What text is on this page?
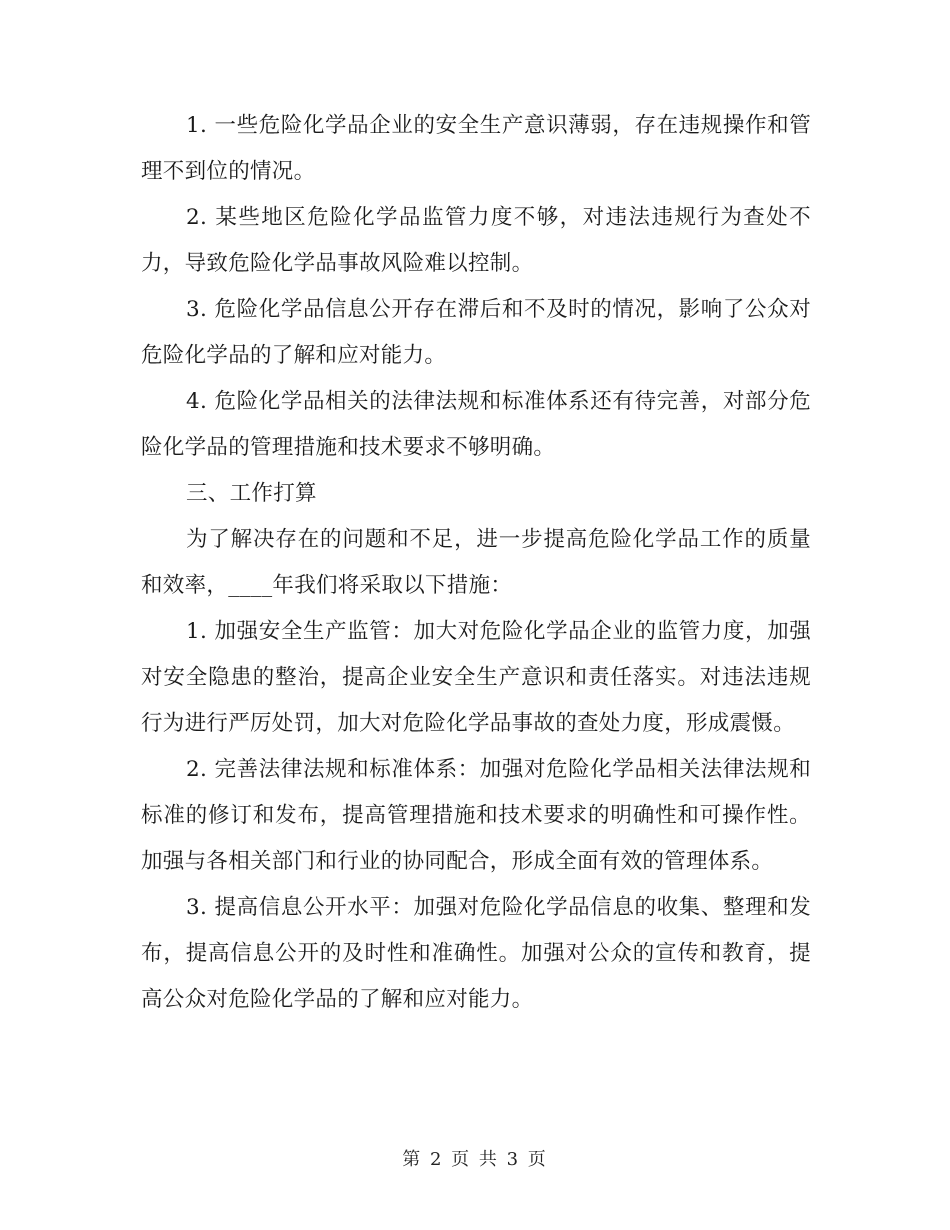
1. 一些危险化学品企业的安全生产意识薄弱，存在违规操作和管理不到位的情况。

2. 某些地区危险化学品监管力度不够，对违法违规行为查处不力，导致危险化学品事故风险难以控制。

3. 危险化学品信息公开存在滞后和不及时的情况，影响了公众对危险化学品的了解和应对能力。

4. 危险化学品相关的法律法规和标准体系还有待完善，对部分危险化学品的管理措施和技术要求不够明确。

三、工作打算

为了解决存在的问题和不足，进一步提高危险化学品工作的质量和效率，____年我们将采取以下措施：

1. 加强安全生产监管：加大对危险化学品企业的监管力度，加强对安全隐患的整治，提高企业安全生产意识和责任落实。对违法违规行为进行严厉处罚，加大对危险化学品事故的查处力度，形成震慑。

2. 完善法律法规和标准体系：加强对危险化学品相关法律法规和标准的修订和发布，提高管理措施和技术要求的明确性和可操作性。加强与各相关部门和行业的协同配合，形成全面有效的管理体系。

3. 提高信息公开水平：加强对危险化学品信息的收集、整理和发布，提高信息公开的及时性和准确性。加强对公众的宣传和教育，提高公众对危险化学品的了解和应对能力。

第 2 页 共 3 页
